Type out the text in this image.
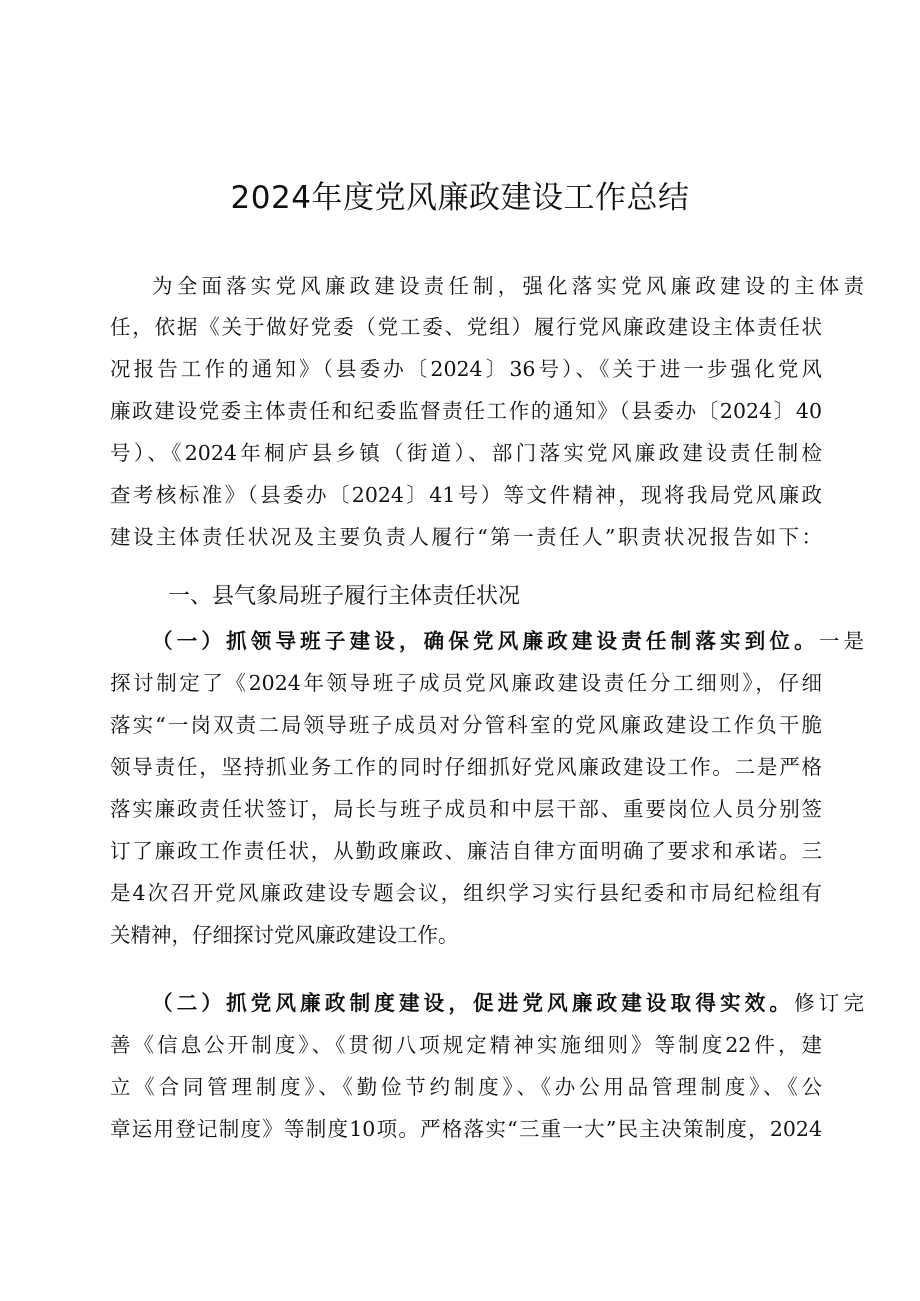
2024年度党风廉政建设工作总结
为全面落实党风廉政建设责任制，强化落实党风廉政建设的主体责
任，依据《关于做好党委（党工委、党组）履行党风廉政建设主体责任状
况报告工作的通知》（县委办〔2024〕36号）、《关于进一步强化党风
廉政建设党委主体责任和纪委监督责任工作的通知》（县委办〔2024〕40
号）、《2024年桐庐县乡镇（街道）、部门落实党风廉政建设责任制检
查考核标准》（县委办〔2024〕41号）等文件精神，现将我局党风廉政
建设主体责任状况及主要负责人履行“第一责任人”职责状况报告如下：
一、县气象局班子履行主体责任状况
（一）抓领导班子建设，确保党风廉政建设责任制落实到位。一是
探讨制定了《2024年领导班子成员党风廉政建设责任分工细则》，仔细
落实“一岗双责二局领导班子成员对分管科室的党风廉政建设工作负干脆
领导责任，坚持抓业务工作的同时仔细抓好党风廉政建设工作。二是严格
落实廉政责任状签订，局长与班子成员和中层干部、重要岗位人员分别签
订了廉政工作责任状，从勤政廉政、廉洁自律方面明确了要求和承诺。三
是4次召开党风廉政建设专题会议，组织学习实行县纪委和市局纪检组有
关精神，仔细探讨党风廉政建设工作。
（二）抓党风廉政制度建设，促进党风廉政建设取得实效。修订完
善《信息公开制度》、《贯彻八项规定精神实施细则》等制度22件，建
立《合同管理制度》、《勤俭节约制度》、《办公用品管理制度》、《公
章运用登记制度》等制度10项。严格落实“三重一大”民主决策制度，2024
